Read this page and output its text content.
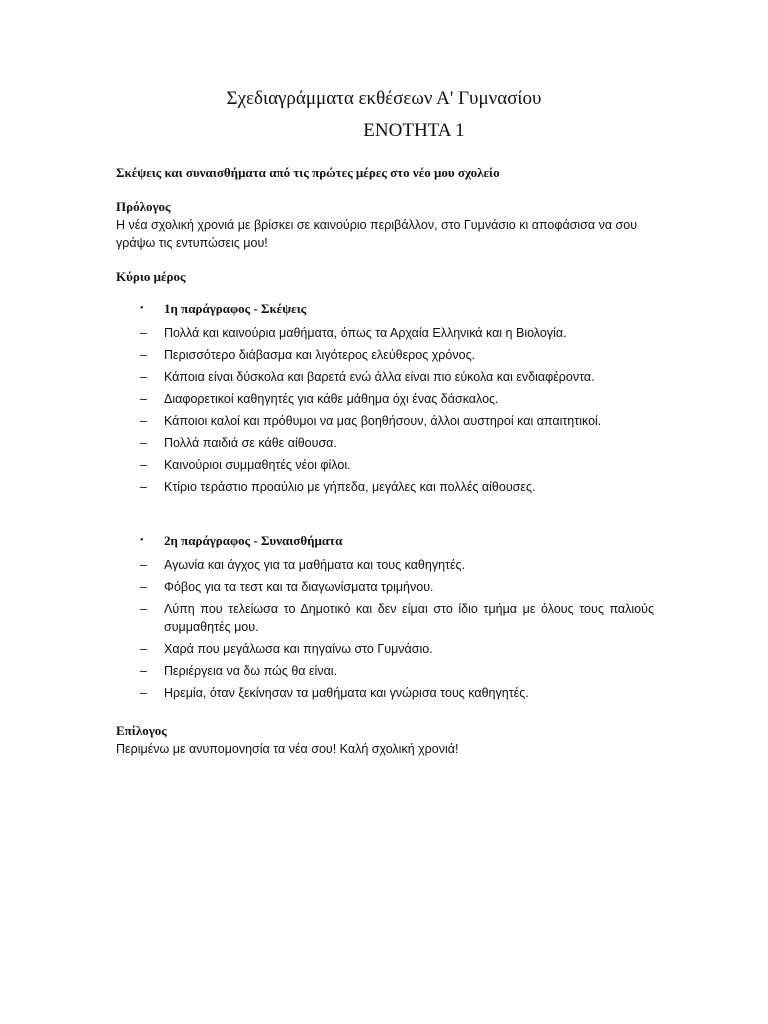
Σχεδιαγράμματα εκθέσεων Α' Γυμνασίου
ΕΝΟΤΗΤΑ 1
Σκέψεις και συναισθήματα από τις πρώτες μέρες στο νέο μου σχολείο
Πρόλογος
Η νέα σχολική χρονιά με βρίσκει σε καινούριο περιβάλλον, στο Γυμνάσιο κι αποφάσισα να σου γράψω τις εντυπώσεις μου!
Κύριο μέρος
•	1η παράγραφος - Σκέψεις
–	Πολλά και καινούρια μαθήματα, όπως τα Αρχαία Ελληνικά και η Βιολογία.
–	Περισσότερο διάβασμα και λιγότερος ελεύθερος χρόνος.
–	Κάποια είναι δύσκολα και βαρετά ενώ άλλα είναι πιο εύκολα και ενδιαφέροντα.
–	Διαφορετικοί καθηγητές για κάθε μάθημα όχι ένας δάσκαλος.
–	Κάποιοι καλοί και πρόθυμοι να μας βοηθήσουν, άλλοι αυστηροί και απαιτητικοί.
–	Πολλά παιδιά σε κάθε αίθουσα.
–	Καινούριοι συμμαθητές νέοι φίλοι.
–	Κτίριο τεράστιο προαύλιο με γήπεδα, μεγάλες και πολλές αίθουσες.
•	2η παράγραφος - Συναισθήματα
–	Αγωνία και άγχος για τα μαθήματα και τους καθηγητές.
–	Φόβος για τα τεστ και τα διαγωνίσματα τριμήνου.
–	Λύπη που τελείωσα το Δημοτικό και δεν είμαι στο ίδιο τμήμα με όλους τους παλιούς συμμαθητές μου.
–	Χαρά που μεγάλωσα και πηγαίνω στο Γυμνάσιο.
–	Περιέργεια να δω πώς θα είναι.
–	Ηρεμία, όταν ξεκίνησαν τα μαθήματα και γνώρισα τους καθηγητές.
Επίλογος
Περιμένω με ανυπομονησία τα νέα σου! Καλή σχολική χρονιά!
